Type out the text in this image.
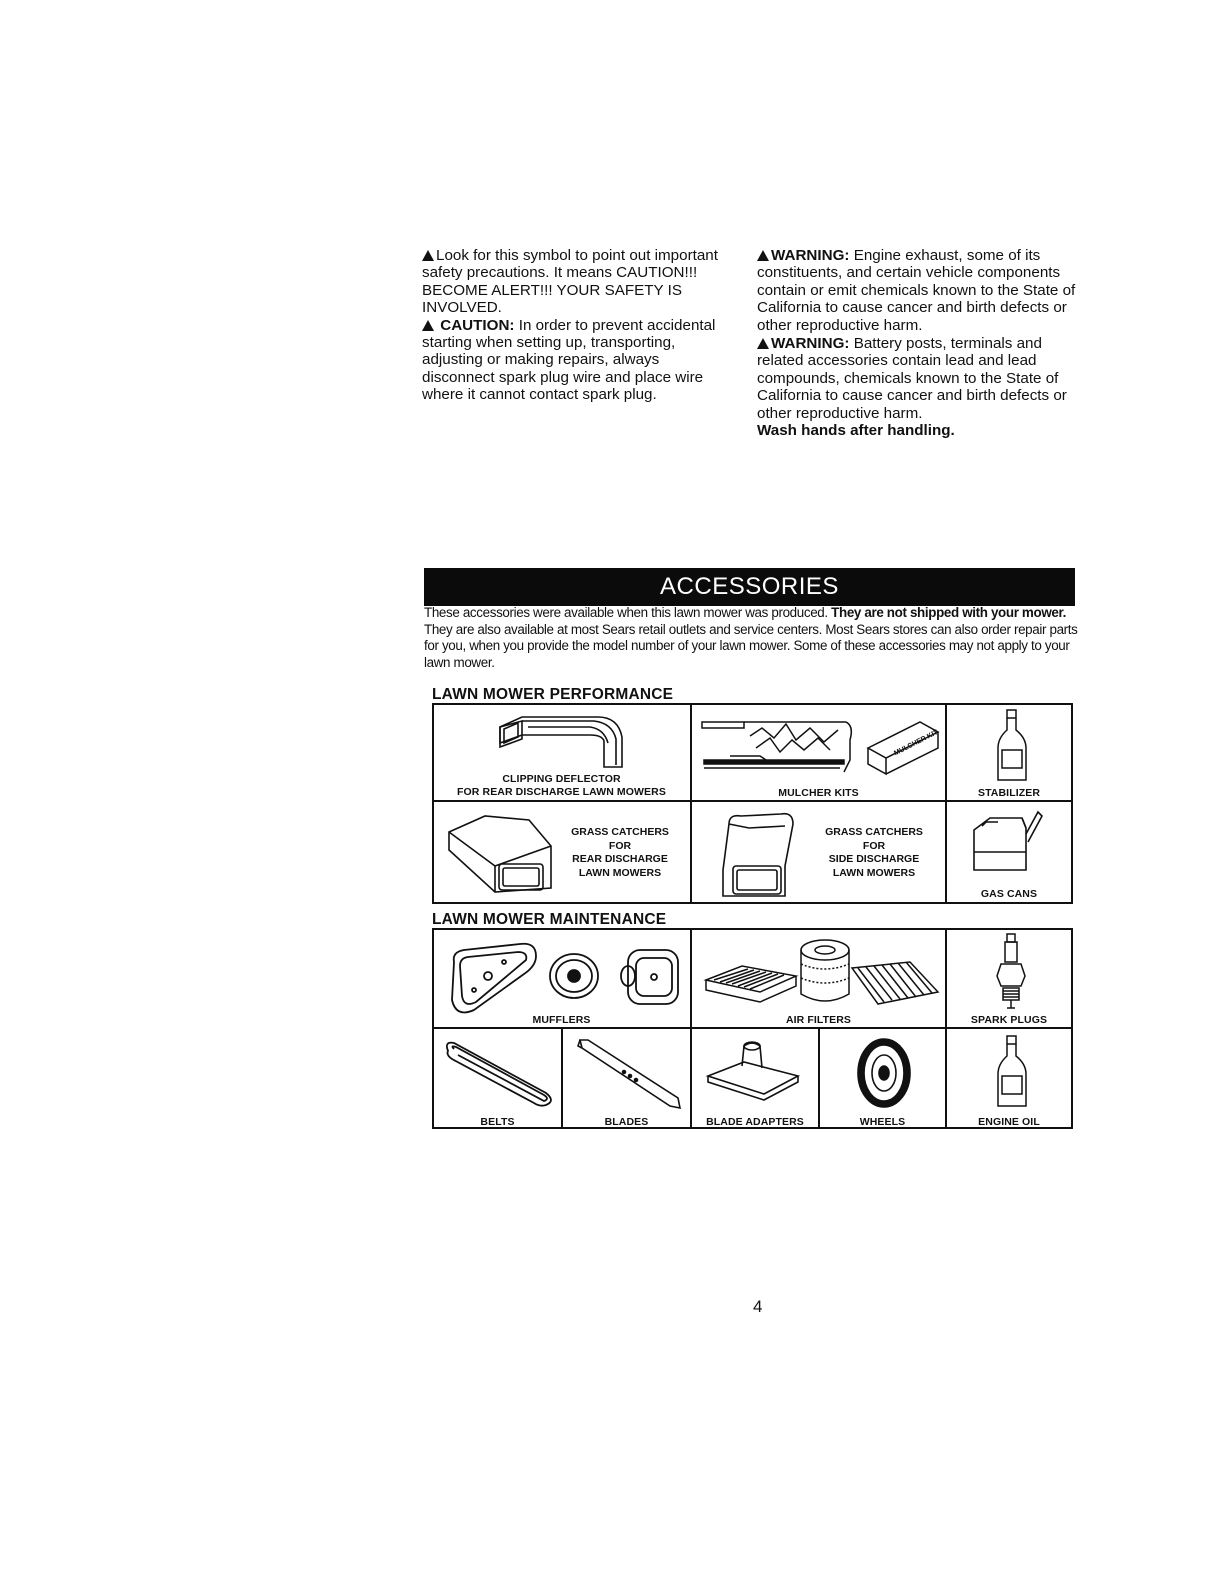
Look for this symbol to point out important safety precautions. It means CAUTION!!! BECOME ALERT!!! YOUR SAFETY IS INVOLVED.
CAUTION: In order to prevent accidental starting when setting up, transporting, adjusting or making repairs, always disconnect spark plug wire and place wire where it cannot contact spark plug.
WARNING: Engine exhaust, some of its constituents, and certain vehicle components contain or emit chemicals known to the State of California to cause cancer and birth defects or other reproductive harm.
WARNING: Battery posts, terminals and related accessories contain lead and lead compounds, chemicals known to the State of California to cause cancer and birth defects or other reproductive harm.
Wash hands after handling.
ACCESSORIES
These accessories were available when this lawn mower was produced. They are not shipped with your mower. They are also available at most Sears retail outlets and service centers. Most Sears stores can also order repair parts for you, when you provide the model number of your lawn mower. Some of these accessories may not apply to your lawn mower.
LAWN MOWER PERFORMANCE
CLIPPING DEFLECTOR
FOR REAR DISCHARGE LAWN MOWERS
MULCHER KIT
MULCHER KITS	STABILIZER
GRASS CATCHERS
FOR
REAR DISCHARGE
LAWN MOWERS
GRASS CATCHERS
FOR
SIDE DISCHARGE
LAWN MOWERS
GAS CANS
LAWN MOWER MAINTENANCE
MUFFLERS	AIR FILTERS	SPARK PLUGS
BELTS	BLADES	BLADE ADAPTERS	WHEELS	ENGINE OIL
4
